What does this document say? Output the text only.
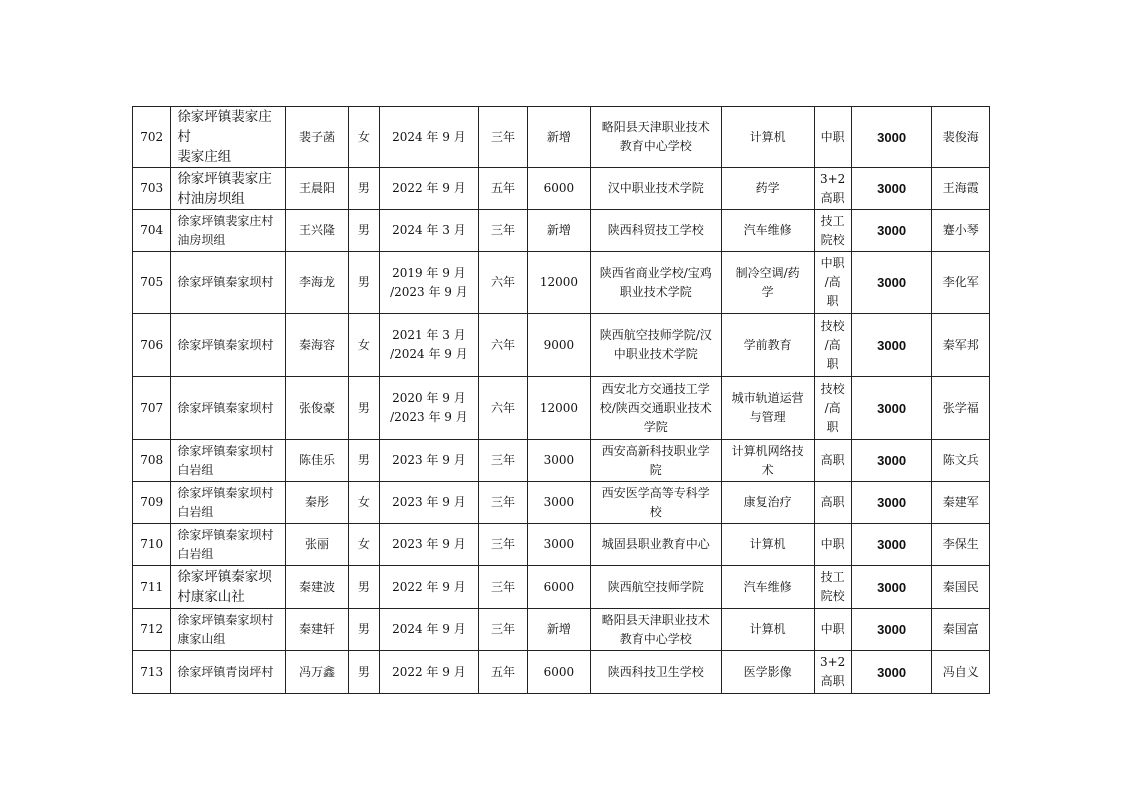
702	徐家坪镇裴家庄村
裴家庄组	裴子菡	女	2024 年 9 月	三年	新增	略阳县天津职业技术
教育中心学校	计算机	中职	3000	裴俊海
703	徐家坪镇裴家庄
村油房坝组	王晨阳	男	2022 年 9 月	五年	6000	汉中职业技术学院	药学	3+2
高职	3000	王海霞
704	徐家坪镇裴家庄村
油房坝组	王兴隆	男	2024 年 3 月	三年	新增	陕西科贸技工学校	汽车维修	技工
院校	3000	蹇小琴
705	徐家坪镇秦家坝村	李海龙	男	2019 年 9 月
/2023 年 9 月	六年	12000	陕西省商业学校/宝鸡
职业技术学院	制冷空调/药
学	中职
/高
职	3000	李化军
706	徐家坪镇秦家坝村	秦海容	女	2021 年 3 月
/2024 年 9 月	六年	9000	陕西航空技师学院/汉
中职业技术学院	学前教育	技校
/高
职	3000	秦军邦
707	徐家坪镇秦家坝村	张俊豪	男	2020 年 9 月
/2023 年 9 月	六年	12000	西安北方交通技工学
校/陕西交通职业技术
学院	城市轨道运营
与管理	技校
/高
职	3000	张学福
708	徐家坪镇秦家坝村
白岩组	陈佳乐	男	2023 年 9 月	三年	3000	西安高新科技职业学
院	计算机网络技
术	高职	3000	陈文兵
709	徐家坪镇秦家坝村
白岩组	秦彤	女	2023 年 9 月	三年	3000	西安医学高等专科学
校	康复治疗	高职	3000	秦建军
710	徐家坪镇秦家坝村
白岩组	张丽	女	2023 年 9 月	三年	3000	城固县职业教育中心	计算机	中职	3000	李保生
711	徐家坪镇秦家坝
村康家山社	秦建波	男	2022 年 9 月	三年	6000	陕西航空技师学院	汽车维修	技工
院校	3000	秦国民
712	徐家坪镇秦家坝村
康家山组	秦建轩	男	2024 年 9 月	三年	新增	略阳县天津职业技术
教育中心学校	计算机	中职	3000	秦国富
713	徐家坪镇青岗坪村	冯万鑫	男	2022 年 9 月	五年	6000	陕西科技卫生学校	医学影像	3+2
高职	3000	冯自义
